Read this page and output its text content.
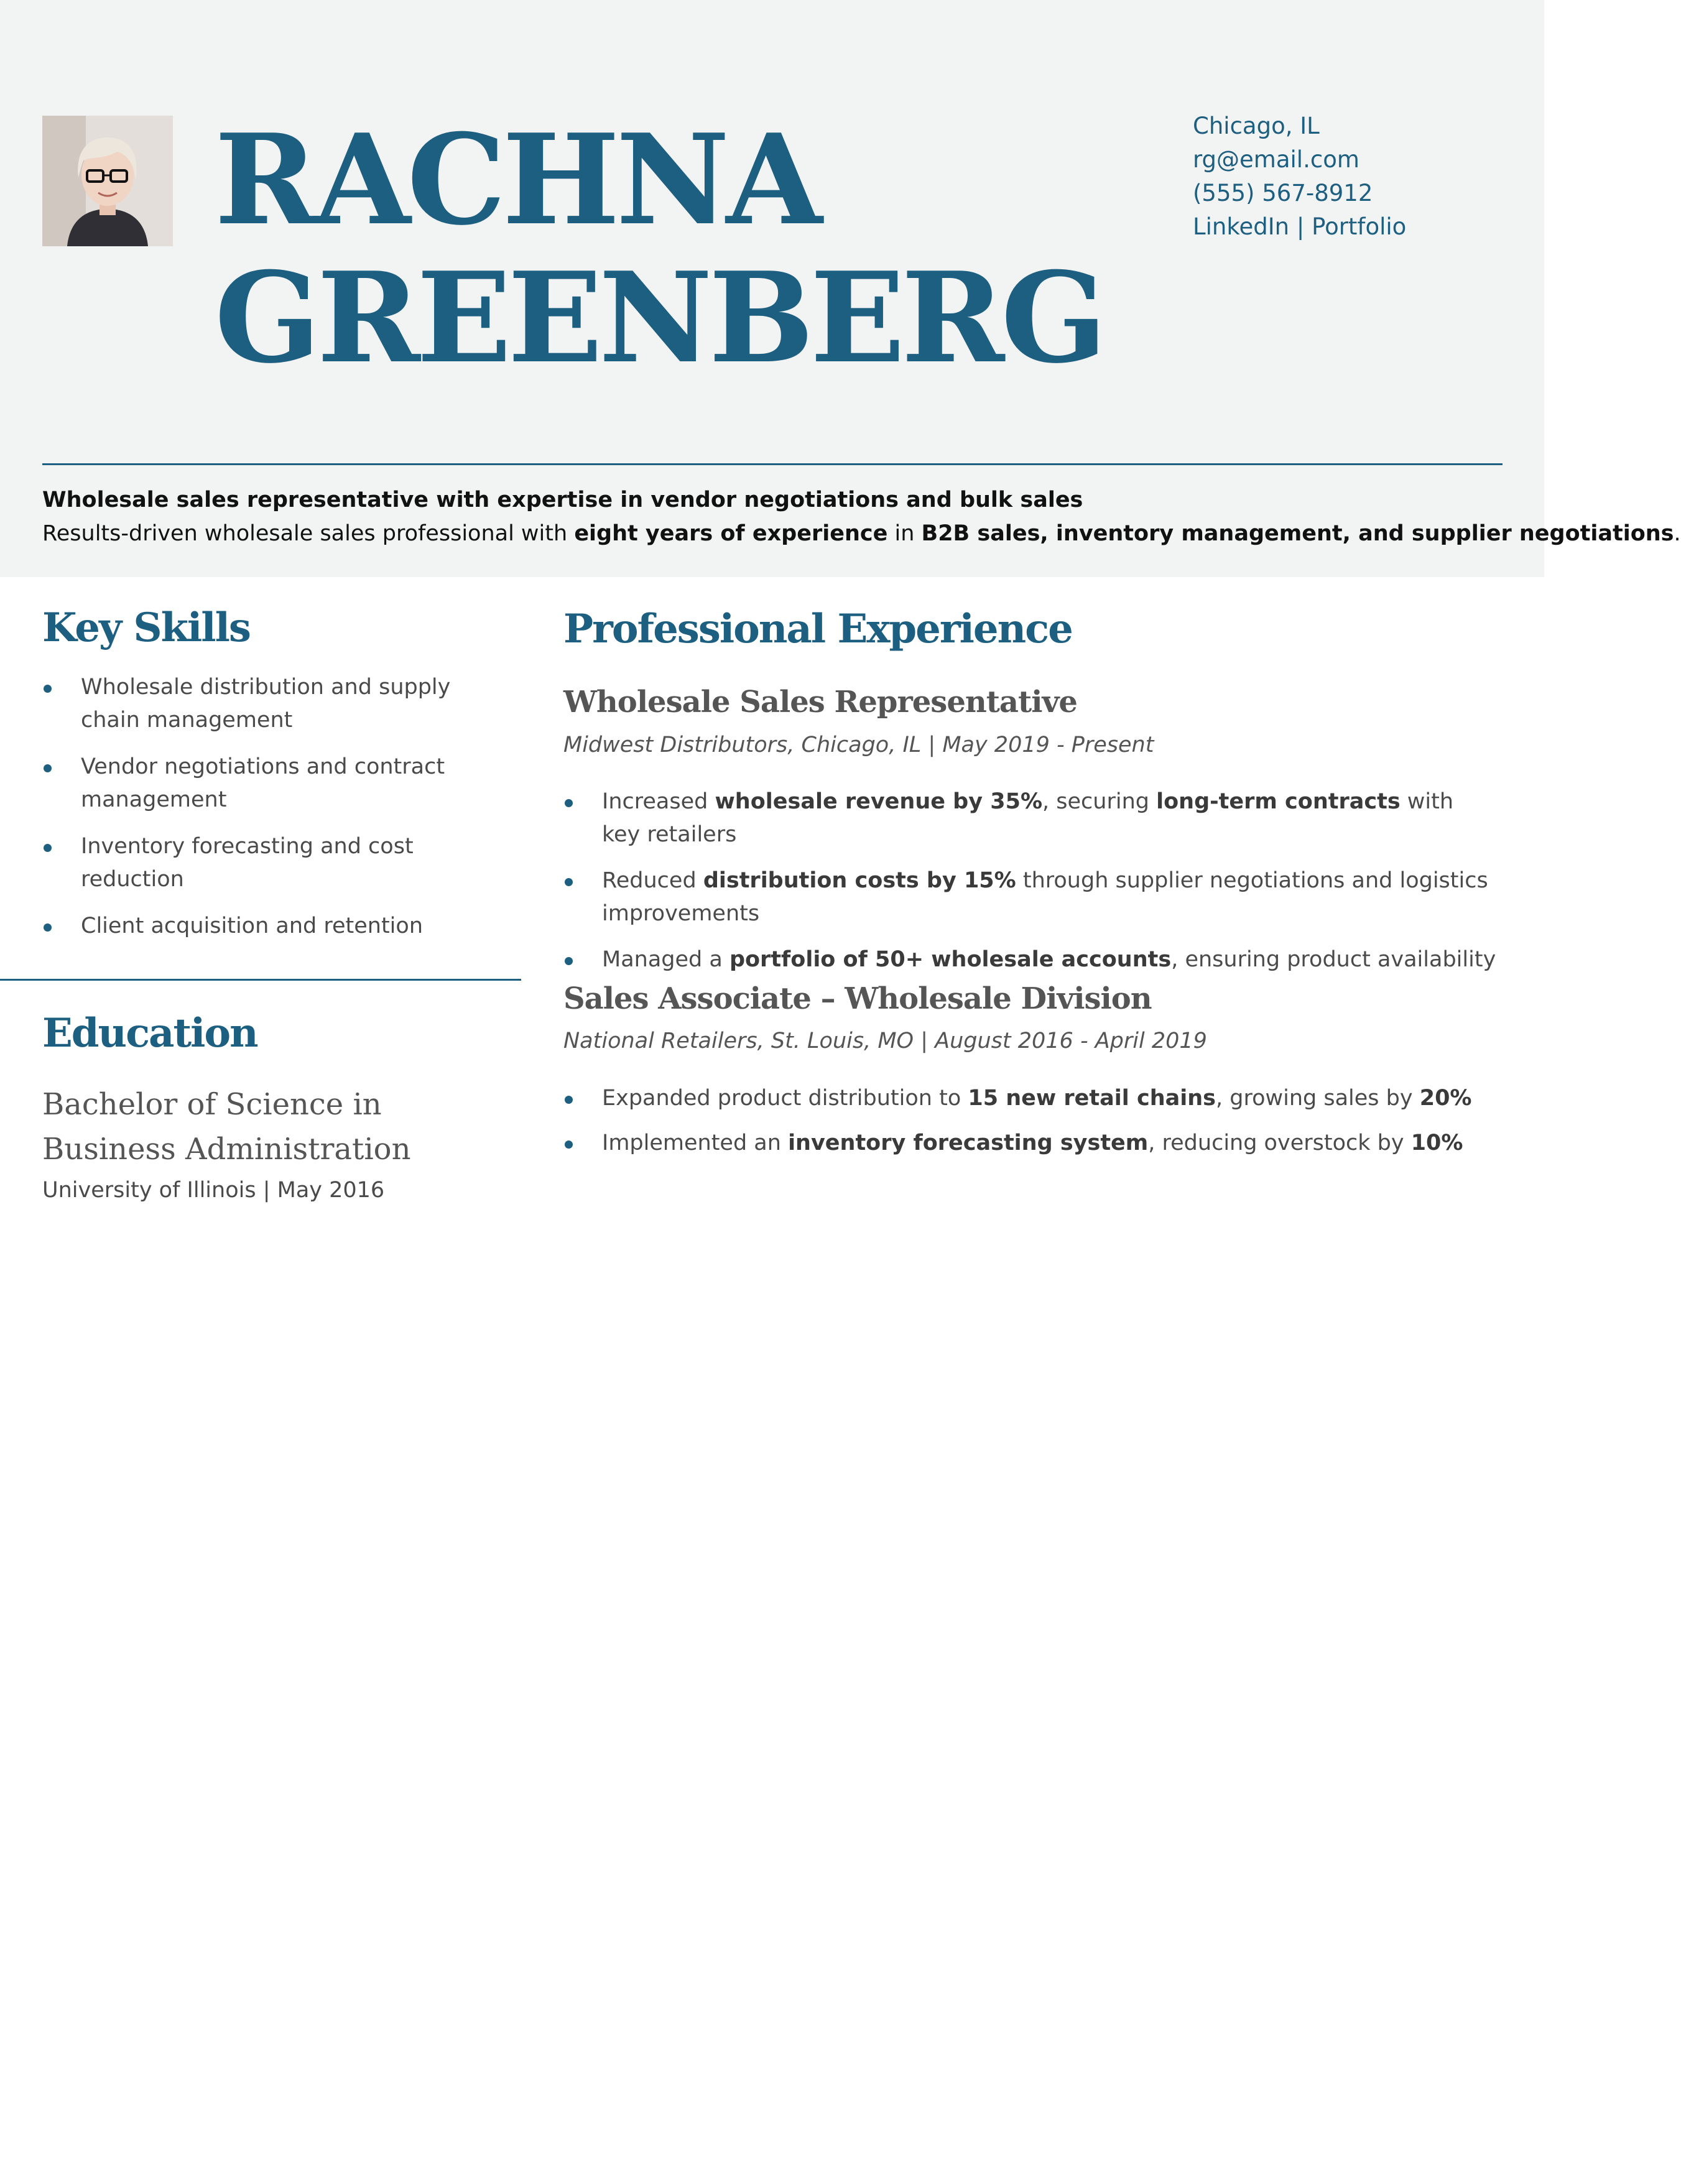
RACHNA
GREENBERG
Chicago, IL
rg@email.com
(555) 567-8912
LinkedIn | Portfolio

Wholesale sales representative with expertise in vendor negotiations and bulk sales

Results-driven wholesale sales professional with eight years of experience in B2B sales, inventory management, and supplier negotiations.

Key Skills
Wholesale distribution and supply chain management
Vendor negotiations and contract management
Inventory forecasting and cost reduction
Client acquisition and retention
Education

Bachelor of Science in Business Administration

University of Illinois | May 2016

Professional Experience
Wholesale Sales Representative

Midwest Distributors, Chicago, IL | May 2019 - Present

Increased wholesale revenue by 35%, securing long-term contracts with key retailers
Reduced distribution costs by 15% through supplier negotiations and logistics improvements
Managed a portfolio of 50+ wholesale accounts, ensuring product availability
Sales Associate – Wholesale Division

National Retailers, St. Louis, MO | August 2016 - April 2019

Expanded product distribution to 15 new retail chains, growing sales by 20%
Implemented an inventory forecasting system, reducing overstock by 10%
